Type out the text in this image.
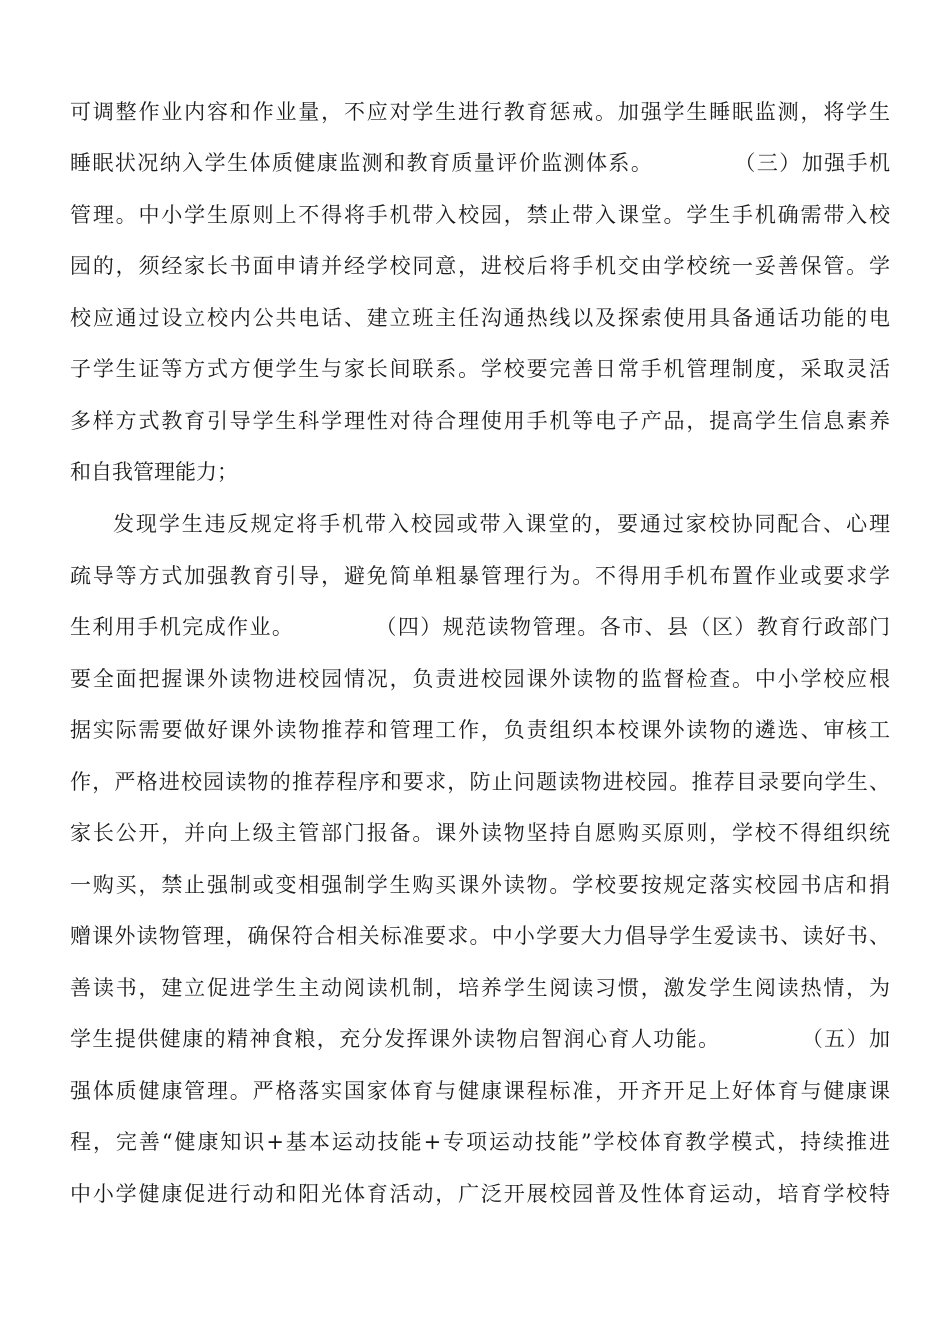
可调整作业内容和作业量，不应对学生进行教育惩戒。加强学生睡眠监测，将学生
睡眠状况纳入学生体质健康监测和教育质量评价监测体系。          （三）加强手机
管理。中小学生原则上不得将手机带入校园，禁止带入课堂。学生手机确需带入校
园的，须经家长书面申请并经学校同意，进校后将手机交由学校统一妥善保管。学
校应通过设立校内公共电话、建立班主任沟通热线以及探索使用具备通话功能的电
子学生证等方式方便学生与家长间联系。学校要完善日常手机管理制度，采取灵活
多样方式教育引导学生科学理性对待合理使用手机等电子产品，提高学生信息素养
和自我管理能力；
发现学生违反规定将手机带入校园或带入课堂的，要通过家校协同配合、心理
疏导等方式加强教育引导，避免简单粗暴管理行为。不得用手机布置作业或要求学
生利用手机完成作业。          （四）规范读物管理。各市、县（区）教育行政部门
要全面把握课外读物进校园情况，负责进校园课外读物的监督检查。中小学校应根
据实际需要做好课外读物推荐和管理工作，负责组织本校课外读物的遴选、审核工
作，严格进校园读物的推荐程序和要求，防止问题读物进校园。推荐目录要向学生、
家长公开，并向上级主管部门报备。课外读物坚持自愿购买原则，学校不得组织统
一购买，禁止强制或变相强制学生购买课外读物。学校要按规定落实校园书店和捐
赠课外读物管理，确保符合相关标准要求。中小学要大力倡导学生爱读书、读好书、
善读书，建立促进学生主动阅读机制，培养学生阅读习惯，激发学生阅读热情，为
学生提供健康的精神食粮，充分发挥课外读物启智润心育人功能。          （五）加
强体质健康管理。严格落实国家体育与健康课程标准，开齐开足上好体育与健康课
程，完善“健康知识+基本运动技能+专项运动技能”学校体育教学模式，持续推进
中小学健康促进行动和阳光体育活动，广泛开展校园普及性体育运动，培育学校特
